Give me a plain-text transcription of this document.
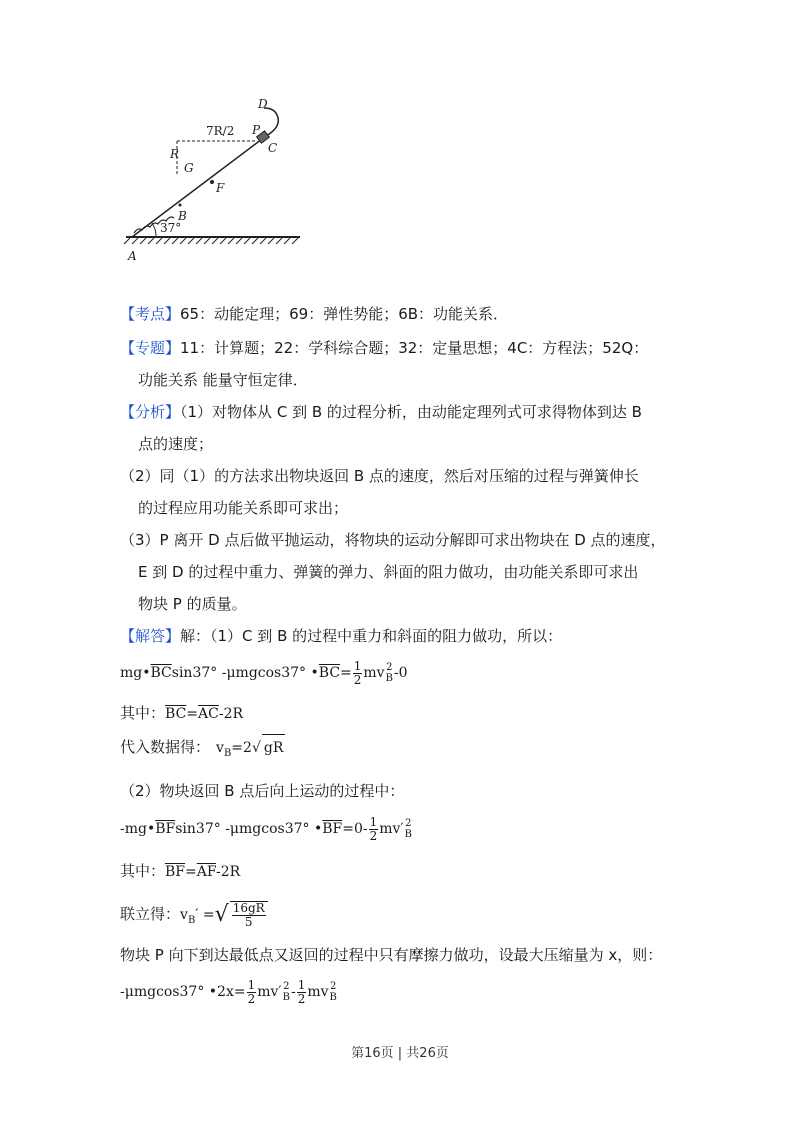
D
P
C
7R/2
R
G
F
B
37°
A
【考点】65：动能定理；69：弹性势能；6B：功能关系．
【专题】11：计算题；22：学科综合题；32：定量思想；4C：方程法；52Q：
功能关系 能量守恒定律．
【分析】（1）对物体从 C 到 B 的过程分析，由动能定理列式可求得物体到达 B
点的速度；
（2）同（1）的方法求出物块返回 B 点的速度，然后对压缩的过程与弹簧伸长
的过程应用功能关系即可求出；
（3）P 离开 D 点后做平抛运动，将物块的运动分解即可求出物块在 D 点的速度，
E 到 D 的过程中重力、弹簧的弹力、斜面的阻力做功，由功能关系即可求出
物块 P 的质量。
【解答】解：（1）C 到 B 的过程中重力和斜面的阻力做功，所以：
$mg•\overline{BC}\sin 37^\circ$ -μmgcos37° $•\overline{BC}= \frac{1}{2}$ mv 2
B -0
其中：$\overline{BC}=\overline{AC}-2R$
代入数据得： $v_B=2√$ gR
（2）物块返回 B 点后向上运动的过程中：
$-mg•\overline{BF}\sin 37^\circ$ -μmgcos37° $•\overline{BF}=0- \frac{1}{2} mv'$ 2
B
其中：$\overline{BF}=\overline{AF}-2R$
联立得：$v_B'$ =√ $\frac{16gR}{5}$
物块 P 向下到达最低点又返回的过程中只有摩擦力做功，设最大压缩量为 x，则：
-μmgcos37° •2x= $\frac{1}{2} mv'$ 2
B - $\frac{1}{2}$ mv 2
B
第16页 | 共26页
